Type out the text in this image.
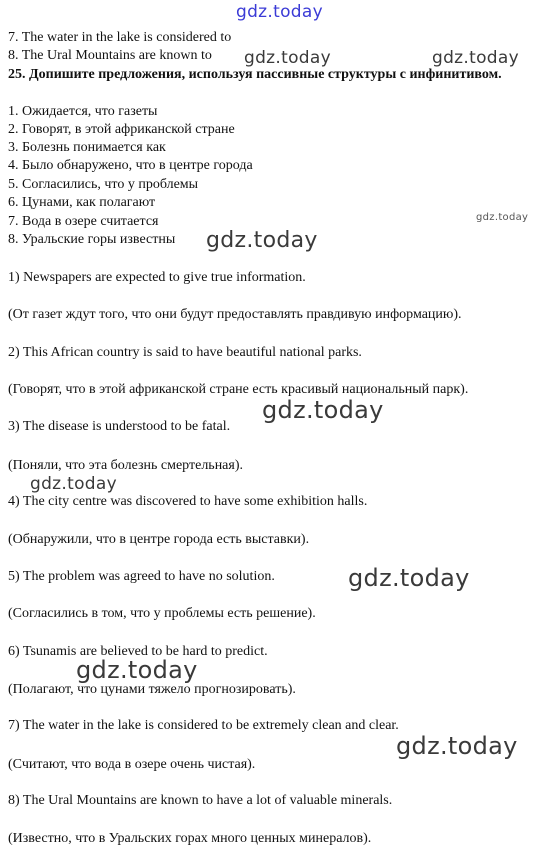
gdz.today
7. The water in the lake is considered to
8. The Ural Mountains are known to gdz.today	gdz.today
25. Допишите предложения, используя пассивные структуры с инфинитивом.
1. Ожидается, что газеты
2. Говорят, в этой африканской стране
3. Болезнь понимается как
4. Было обнаружено, что в центре города
5. Согласились, что у проблемы
6. Цунами, как полагают
7. Вода в озере считается
8. Уральские горы известны
gdz.today
gdz.today
1) Newspapers are expected to give true information.
(От газет ждут того, что они будут предоставлять правдивую информацию).
2) This African country is said to have beautiful national parks.
(Говорят, что в этой африканской стране есть красивый национальный парк).
gdz.today
3) The disease is understood to be fatal.
(Поняли, что эта болезнь смертельная).
gdz.today
4) The city centre was discovered to have some exhibition halls.
(Обнаружили, что в центре города есть выставки).
5) The problem was agreed to have no solution.	gdz.today
(Согласились в том, что у проблемы есть решение).
6) Tsunamis are believed to be hard to predict.
gdz.today
(Полагают, что цунами тяжело прогнозировать).
7) The water in the lake is considered to be extremely clean and clear.
gdz.today
(Считают, что вода в озере очень чистая).
8) The Ural Mountains are known to have a lot of valuable minerals.
(Известно, что в Уральских горах много ценных минералов).
